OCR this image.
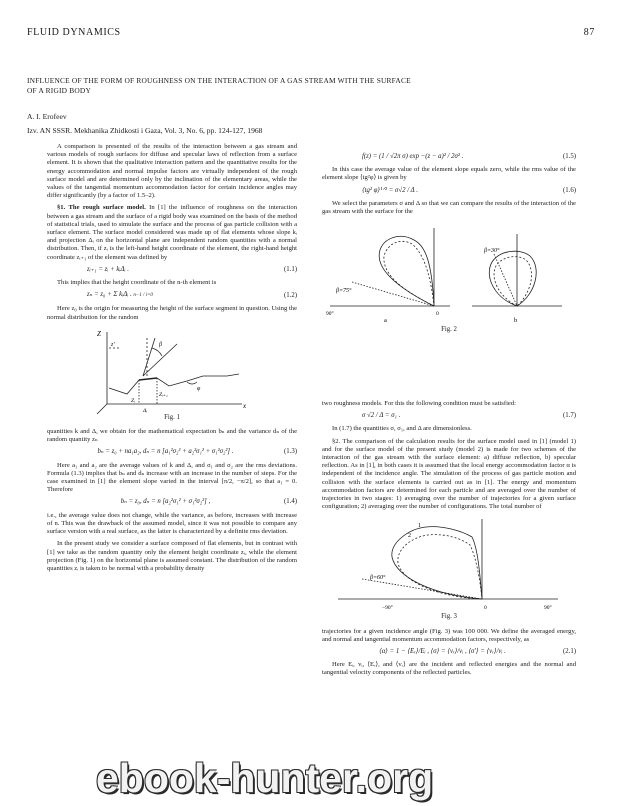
FLUID DYNAMICS	87
INFLUENCE OF THE FORM OF ROUGHNESS ON THE INTERACTION OF A GAS STREAM WITH THE SURFACE OF A RIGID BODY
A. I. Erofeev
Izv. AN SSSR. Mekhanika Zhidkosti i Gaza, Vol. 3, No. 6, pp. 124-127, 1968

A comparison is presented of the results of the interaction between a gas stream and various models of rough surfaces for diffuse and specular laws of reflection from a surface element. It is shown that the qualitative interaction pattern and the quantitative results for the energy accommodation and normal impulse factors are virtually independent of the rough surface model and are determined only by the inclination of the elementary areas, while the values of the tangential momentum accommodation factor for certain incidence angles may differ significantly (by a factor of 1.5–2).

§1. The rough surface model. In [1] the influence of roughness on the interaction between a gas stream and the surface of a rigid body was examined on the basis of the method of statistical trials, used to simulate the surface and the process of gas particle collision with a surface element. The surface model considered was made up of flat elements whose slope kᵢ and projection Δᵢ on the horizontal plane are independent random quantities with a normal distribution. Then, if zᵢ is the left-hand height coordinate of the element, the right-hand height coordinate zᵢ₊₁ of the element was defined by

zᵢ₊₁ = zᵢ + kᵢΔᵢ .	(1.1)

This implies that the height coordinate of the n-th element is

zₙ = z₀ + Σ kᵢΔᵢ . n−1 / i=0	(1.2)

Here z₀ is the origin for measuring the height of the surface segment in question. Using the normal distribution for the random

Z
z′	β
φ
Zᵢ
Zᵢ₊₁
Δᵢ
x
Fig. 1

quantities k and Δ, we obtain for the mathematical expectation bₙ and the variance dₙ of the random quantity zₙ

bₙ = z₀ + na₁a₂, dₙ = n [a₁²σ₂² + a₂²σ₁² + σ₁²σ₂²] .	(1.3)

Here a₁ and a₂ are the average values of k and Δ, and σ₁ and σ₂ are the rms deviations. Formula (1.3) implies that bₙ and dₙ increase with an increase in the number of steps. For the case examined in [1] the element slope varied in the interval [π/2, −π/2], so that a₁ = 0. Therefore

bₙ = z₀, dₙ = n [a₂²σ₁² + σ₁²σ₂²] ,	(1.4)

i.e., the average value does not change, while the variance, as before, increases with increase of n. This was the drawback of the assumed model, since it was not possible to compare any surface version with a real surface, as the latter is characterized by a definite rms deviation.

In the present study we consider a surface composed of flat elements, but in contrast with [1] we take as the random quantity only the element height coordinate zᵢ, while the element projection (Fig. 1) on the horizontal plane is assumed constant. The distribution of the random quantities zᵢ is taken to be normal with a probability density

f(z) = (1 / √2π σ) exp −(z − a)² / 2σ² .	(1.5)

In this case the average value of the element slope equals zero, while the rms value of the element slope ⟨tg²φ⟩ is given by

⟨tg² φ⟩¹ᐟ² = σ√2 / Δ .	(1.6)

We select the parameters σ and Δ so that we can compare the results of the interaction of the gas stream with the surface for the

β=75°
β=30°
90°	0
a	b
Fig. 2

two roughness models. For this the following condition must be satisfied:

σ √2 / Δ = σ₁ .	(1.7)

In (1.7) the quantities σ, σ₁, and Δ are dimensionless.

§2. The comparison of the calculation results for the surface model used in [1] (model 1) and for the surface model of the present study (model 2) is made for two schemes of the interaction of the gas stream with the surface element: a) diffuse reflection, b) specular reflection. As in [1], in both cases it is assumed that the local energy accommodation factor α is independent of the incidence angle. The simulation of the process of gas particle motion and collision with the surface elements is carried out as in [1]. The energy and momentum accommodation factors are determined for each particle and are averaged over the number of trajectories in two stages: 1) averaging over the number of trajectories for a given surface configuration; 2) averaging over the number of configurations. The total number of

β=60°
1
2
−90°	0	90°
Fig. 3

trajectories for a given incidence angle (Fig. 3) was 100 000. We define the averaged energy, and normal and tangential momentum accommodation factors, respectively, as

⟨α⟩ = 1 − ⟨Eᵣ⟩/Eᵢ , ⟨σ⟩ = ⟨vᵣ⟩/vᵢ , ⟨σ′⟩ = ⟨vᵣ⟩/vᵢ .	(2.1)

Here Eᵢ, vᵢ, ⟨Eᵣ⟩, and ⟨vᵣ⟩ are the incident and reflected energies and the normal and tangential velocity components of the reflected particles.

ebook-hunter.org
